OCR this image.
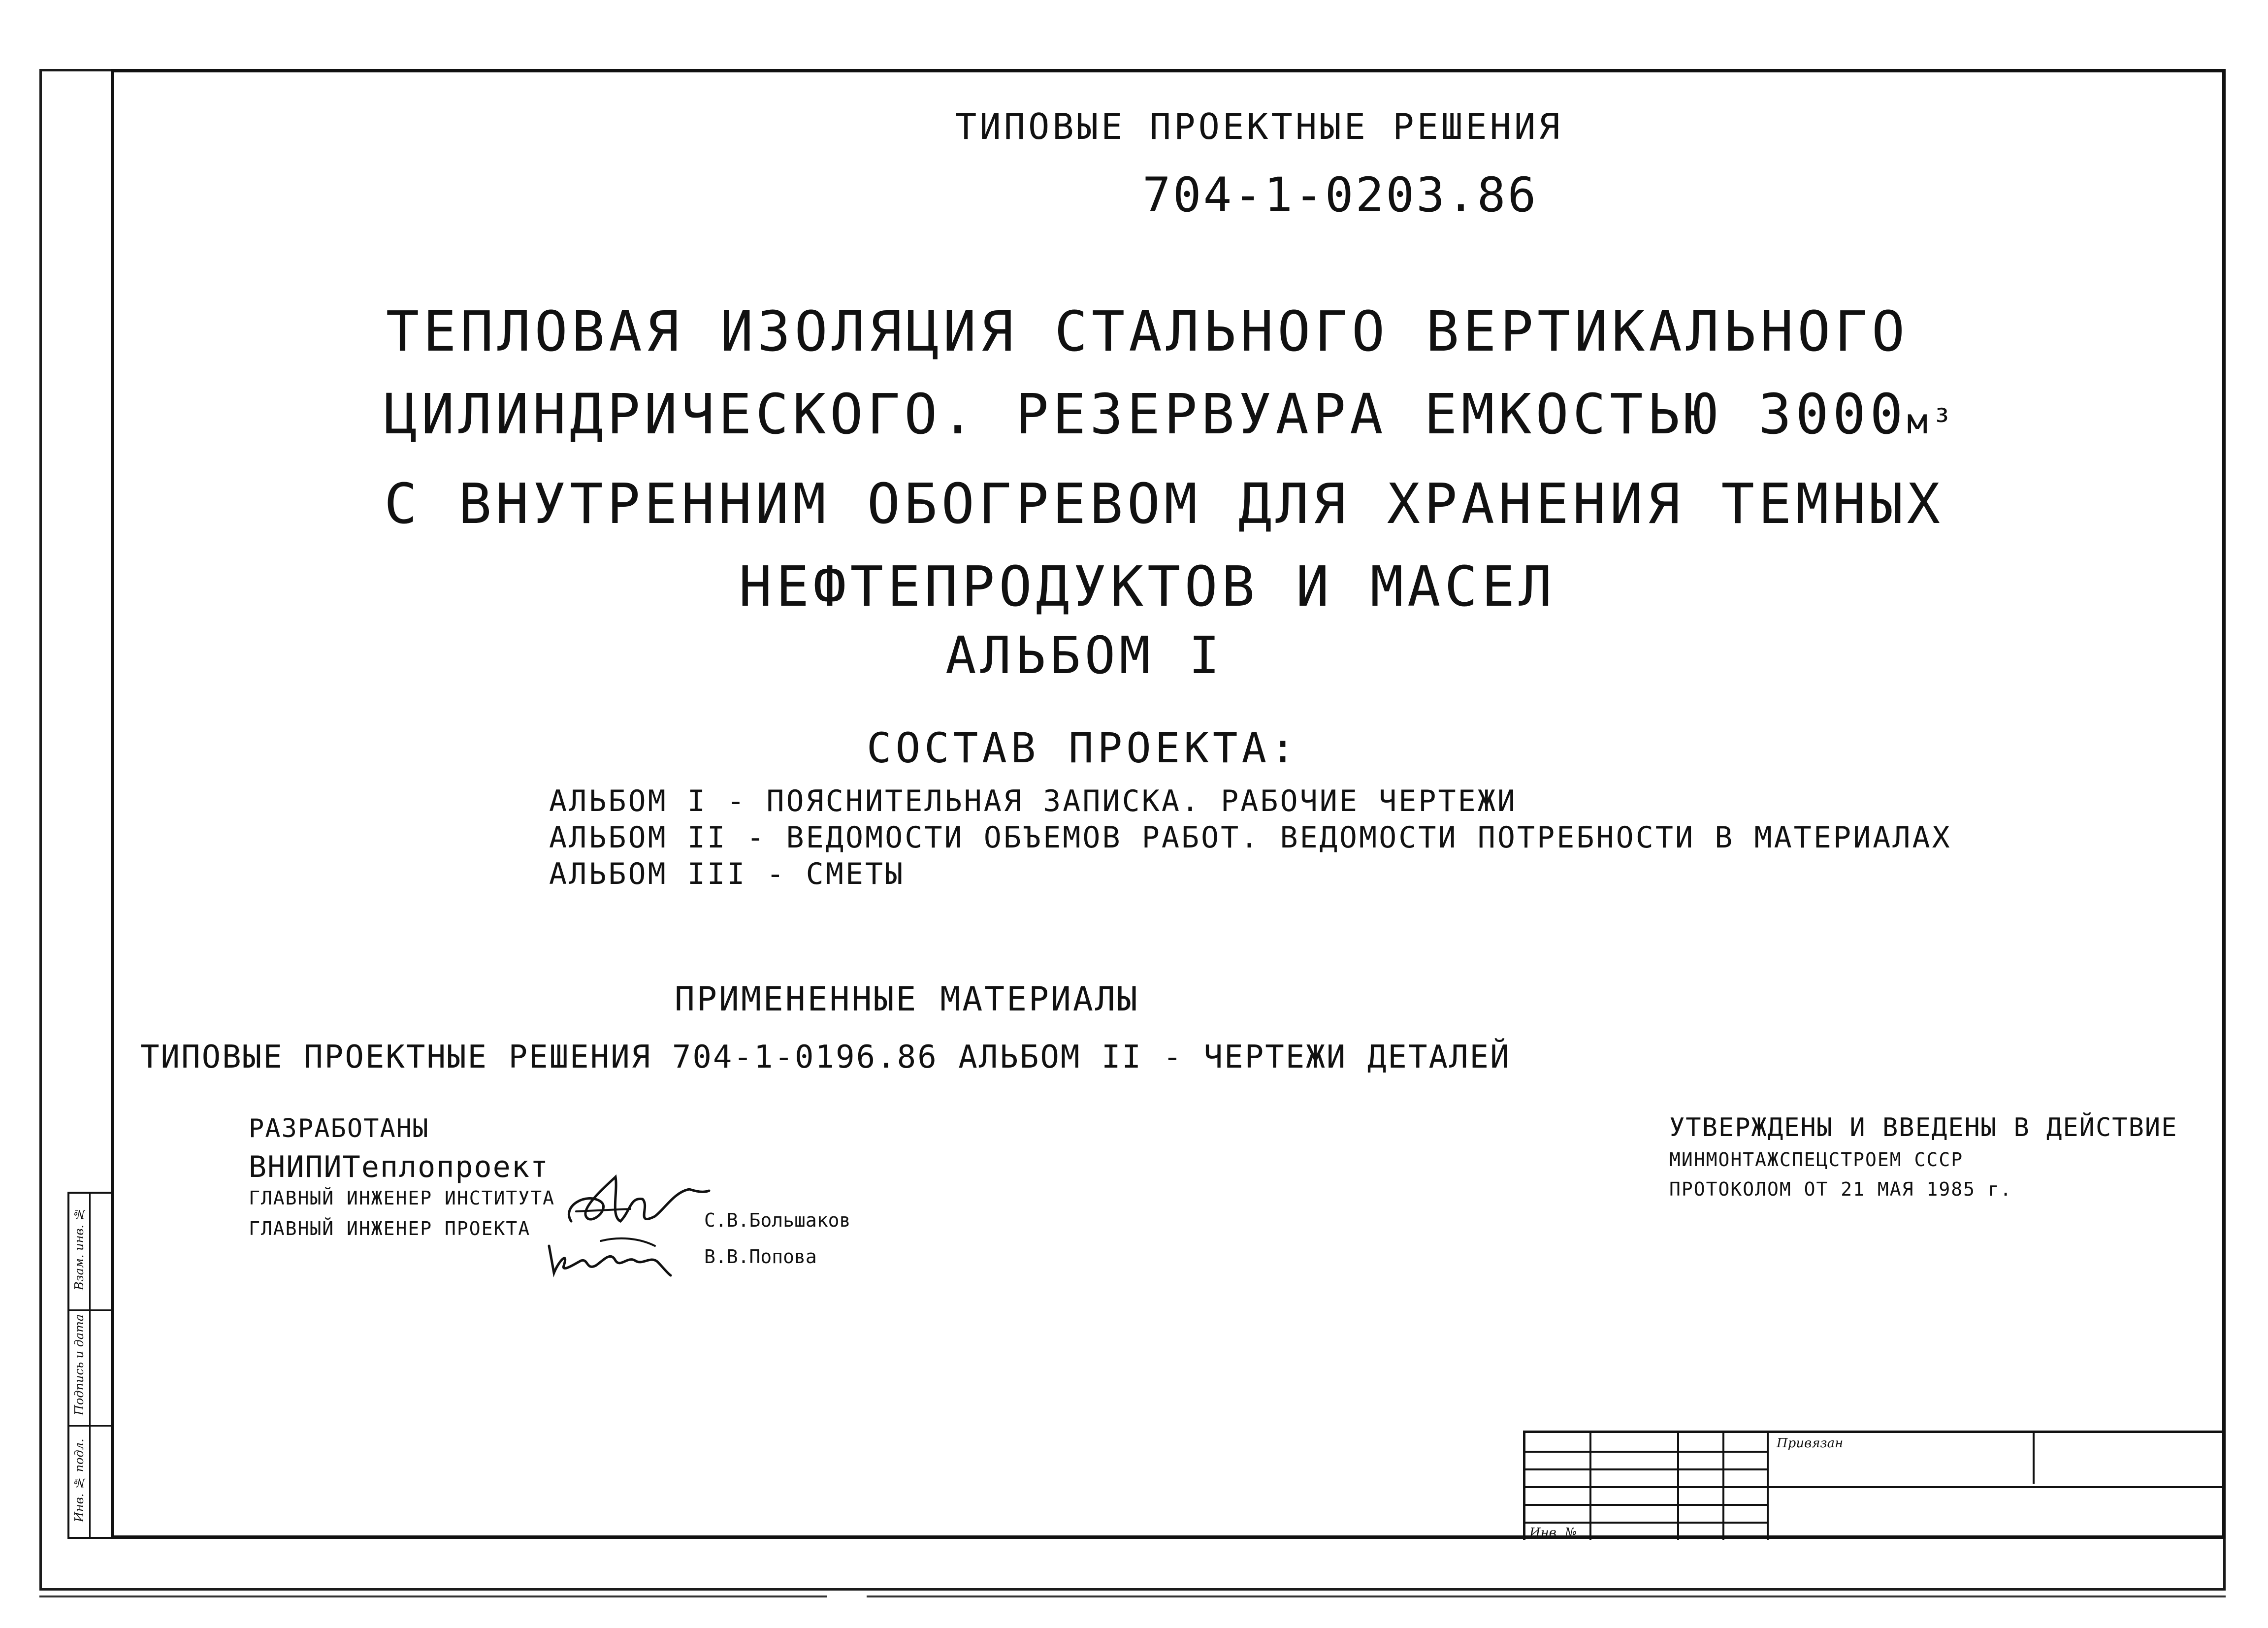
Инв. № подл.
Подпись и дата
Взам. инв. №
ТИПОВЫЕ ПРОЕКТНЫЕ РЕШЕНИЯ
704-1-0203.86
ТЕПЛОВАЯ ИЗОЛЯЦИЯ СТАЛЬНОГО ВЕРТИКАЛЬНОГО
ЦИЛИНДРИЧЕСКОГО. РЕЗЕРВУАРА ЕМКОСТЬЮ 3000м³
С ВНУТРЕННИМ ОБОГРЕВОМ ДЛЯ ХРАНЕНИЯ ТЕМНЫХ
НЕФТЕПРОДУКТОВ И МАСЕЛ
АЛЬБОМ I
СОСТАВ ПРОЕКТА:
АЛЬБОМ I - ПОЯСНИТЕЛЬНАЯ ЗАПИСКА. РАБОЧИЕ ЧЕРТЕЖИ
АЛЬБОМ II - ВЕДОМОСТИ ОБЪЕМОВ РАБОТ. ВЕДОМОСТИ ПОТРЕБНОСТИ В МАТЕРИАЛАХ
АЛЬБОМ III - СМЕТЫ
ПРИМЕНЕННЫЕ МАТЕРИАЛЫ
ТИПОВЫЕ ПРОЕКТНЫЕ РЕШЕНИЯ 704-1-0196.86 АЛЬБОМ II - ЧЕРТЕЖИ ДЕТАЛЕЙ
РАЗРАБОТАНЫ
ВНИПИТеплопроект
ГЛАВНЫЙ ИНЖЕНЕР ИНСТИТУТА
ГЛАВНЫЙ ИНЖЕНЕР ПРОЕКТА	С.В.Большаков
В.В.Попова
УТВЕРЖДЕНЫ И ВВЕДЕНЫ В ДЕЙСТВИЕ
МИНМОНТАЖСПЕЦСТРОЕМ СССР
ПРОТОКОЛОМ ОТ 21 МАЯ 1985 г.
Привязан
Инв. №
